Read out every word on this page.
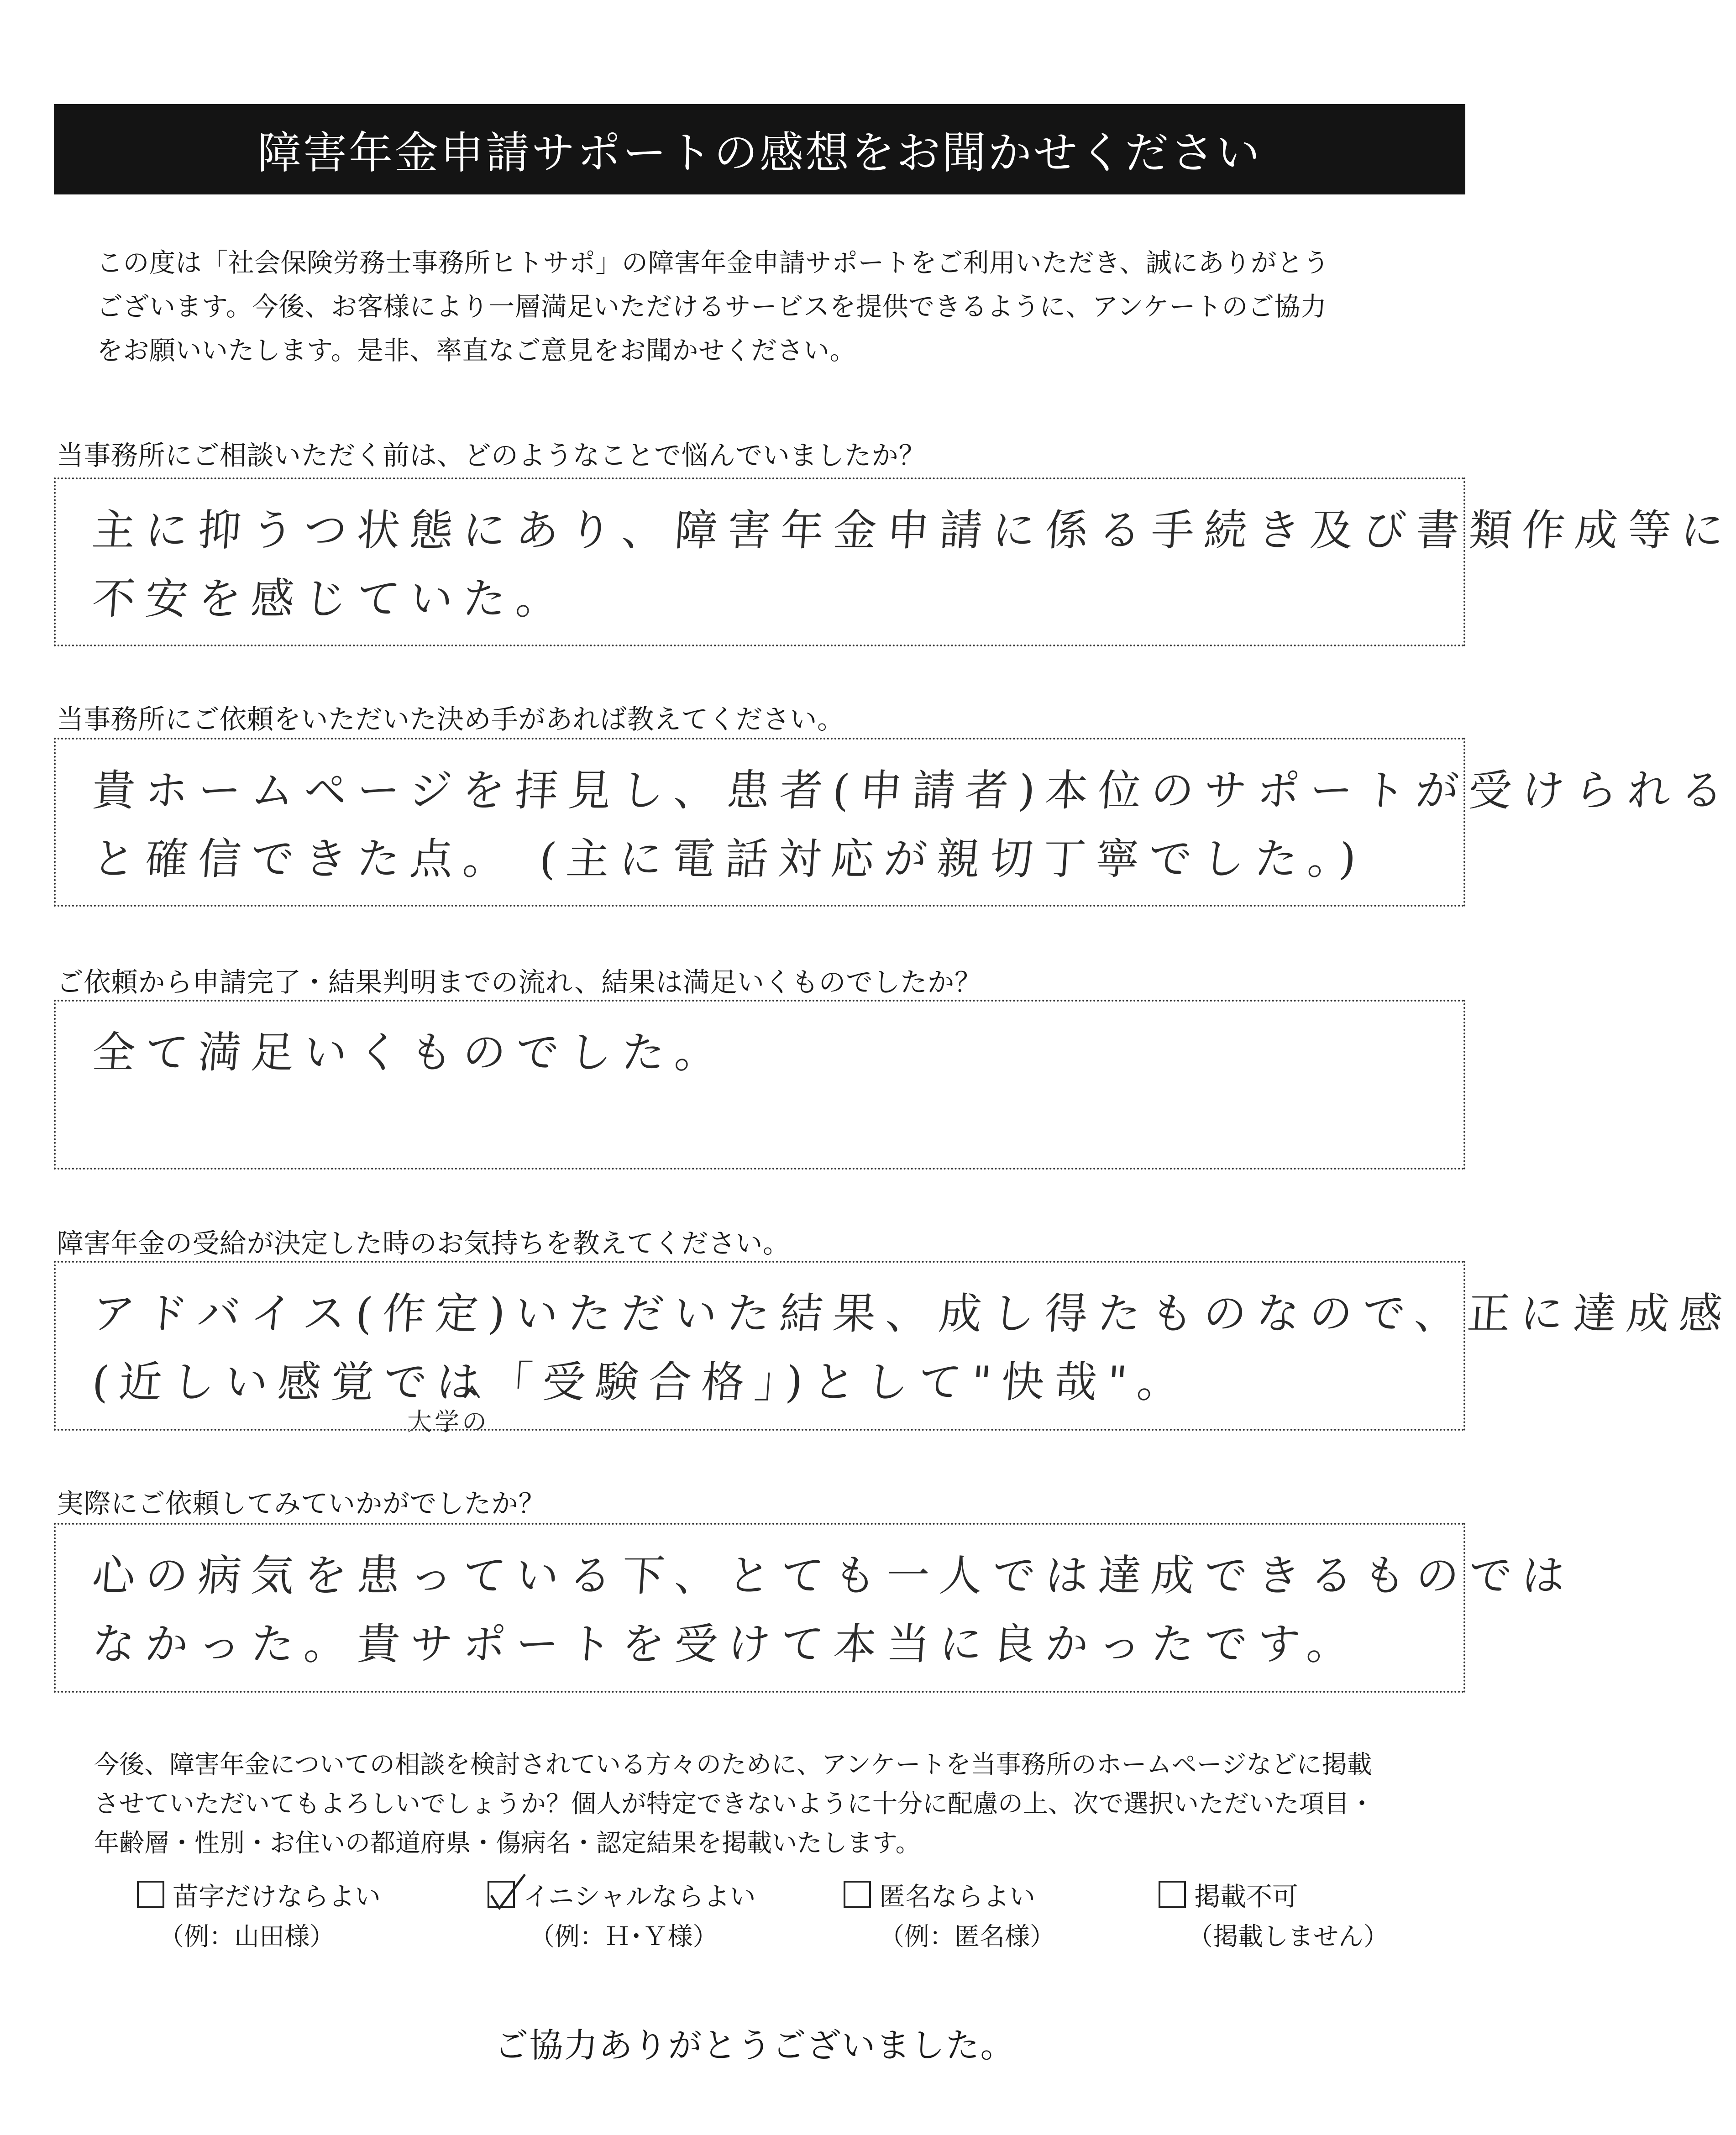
障害年金申請サポートの感想をお聞かせください

この度は「社会保険労務士事務所ヒトサポ」の障害年金申請サポートをご利用いただき、誠にありがとう

ございます。今後、お客様により一層満足いただけるサービスを提供できるように、アンケートのご協力

をお願いいたします。是非、率直なご意見をお聞かせください。

当事務所にご相談いただく前は、どのようなことで悩んでいましたか？
主に抑うつ状態にあり、障害年金申請に係る手続き及び書類作成等に
不安を感じていた。
当事務所にご依頼をいただいた決め手があれば教えてください。
貴ホームページを拝見し、患者(申請者)本位のサポートが受けられる
と確信できた点。 (主に電話対応が親切丁寧でした。)
ご依頼から申請完了・結果判明までの流れ、結果は満足いくものでしたか？
全て満足いくものでした。
障害年金の受給が決定した時のお気持ちを教えてください。
アドバイス(作定)いただいた結果、成し得たものなので、正に達成感
(近しい感覚では「受験合格」)として"快哉"。
大学の
実際にご依頼してみていかがでしたか？
心の病気を患っている下、とても一人では達成できるものでは
なかった。貴サポートを受けて本当に良かったです。

今後、障害年金についての相談を検討されている方々のために、アンケートを当事務所のホームページなどに掲載

させていただいてもよろしいでしょうか？個人が特定できないように十分に配慮の上、次で選択いただいた項目・

年齢層・性別・お住いの都道府県・傷病名・認定結果を掲載いたします。

苗字だけならよい
（例：山田様）
イニシャルならよい
（例：Ｈ･Ｙ様）
匿名ならよい
（例：匿名様）
掲載不可
（掲載しません）
ご協力ありがとうございました。
